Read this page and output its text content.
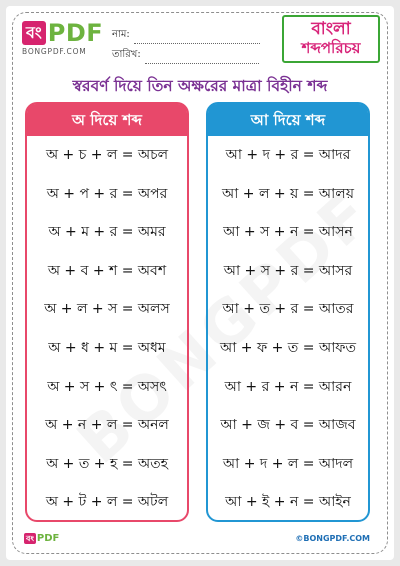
বং PDF
BONGPDF.COM
নাম:
তারিখ:
বাংলা
শব্দপরিচয়
স্বরবর্ণ দিয়ে তিন অক্ষরের মাত্রা বিহীন শব্দ
অ দিয়ে শব্দ
অ + চ + ল = অচল
অ + প + র = অপর
অ + ম + র = অমর
অ + ব + শ = অবশ
অ + ল + স = অলস
অ + ধ + ম = অধম
অ + স + ৎ = অসৎ
অ + ন + ল = অনল
অ + ত + হ = অতহ
অ + ট + ল = অটল
আ দিয়ে শব্দ
আ + দ + র = আদর
আ + ল + য় = আলয়
আ + স + ন = আসন
আ + স + র = আসর
আ + ত + র = আতর
আ + ফ + ত = আফত
আ + র + ন = আরন
আ + জ + ব = আজব
আ + দ + ল = আদল
আ + ই + ন = আইন
বং PDF	©BONGPDF.COM
